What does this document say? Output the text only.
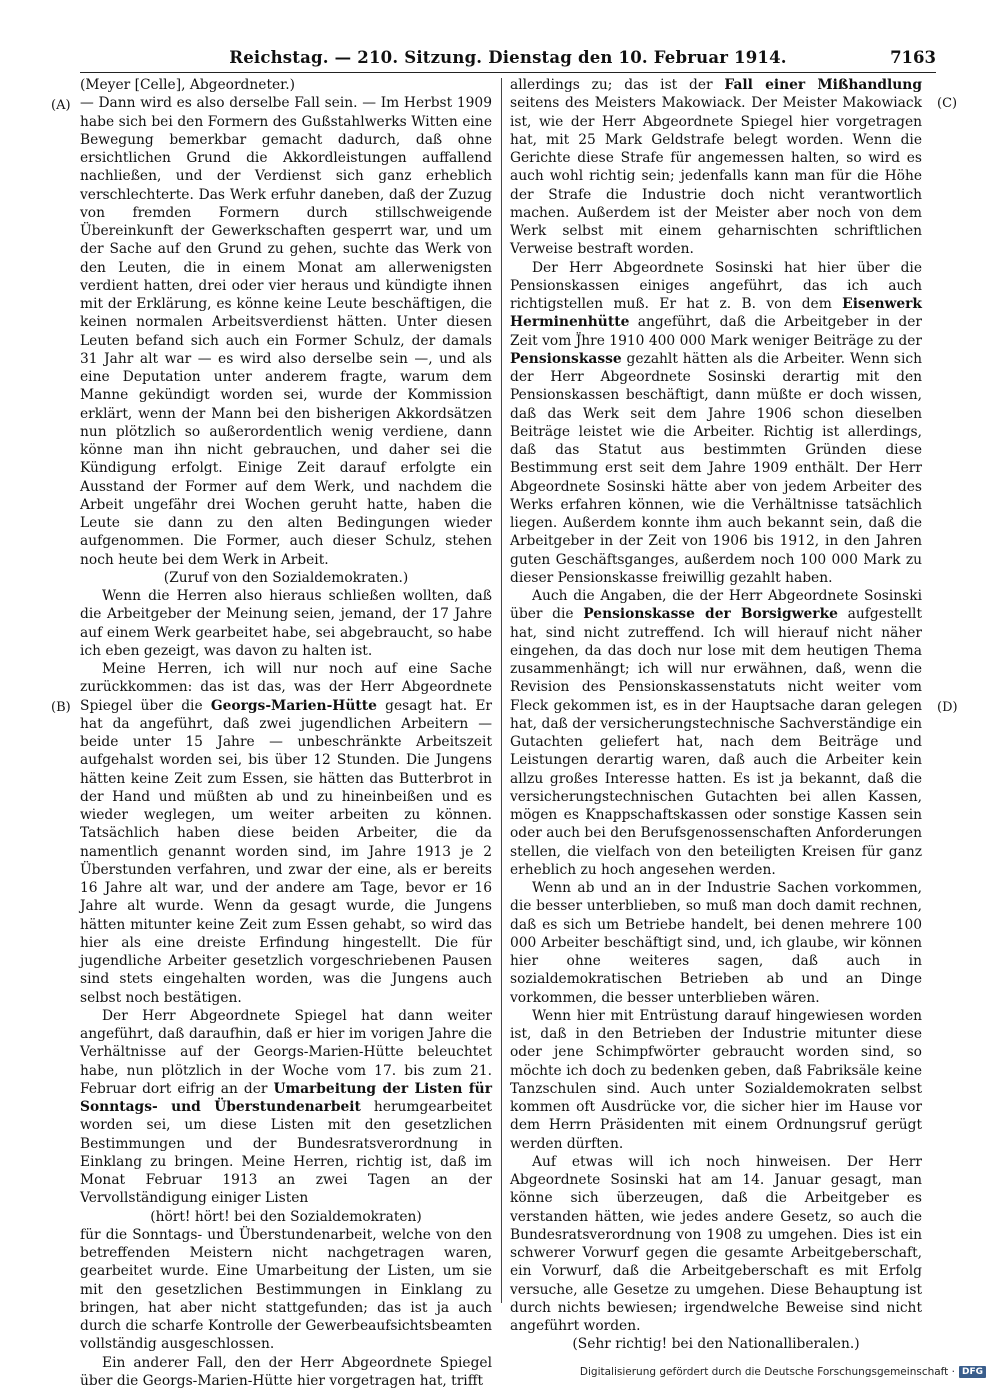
Reichstag. — 210. Sitzung. Dienstag den 10. Februar 1914.	7163
(A)
(B)
(C)
(D)

(Meyer [Celle], Abgeordneter.)

— Dann wird es also derselbe Fall sein. — Im Herbst 1909 habe sich bei den Formern des Gußstahlwerks Witten eine Bewegung bemerkbar gemacht dadurch, daß ohne ersichtlichen Grund die Akkordleistungen auffallend nachließen, und der Verdienst sich ganz erheblich verschlechterte. Das Werk erfuhr daneben, daß der Zuzug von fremden Formern durch stillschweigende Übereinkunft der Gewerkschaften gesperrt war, und um der Sache auf den Grund zu gehen, suchte das Werk von den Leuten, die in einem Monat am allerwenigsten verdient hatten, drei oder vier heraus und kündigte ihnen mit der Erklärung, es könne keine Leute beschäftigen, die keinen normalen Arbeitsverdienst hätten. Unter diesen Leuten befand sich auch ein Former Schulz, der damals 31 Jahr alt war — es wird also derselbe sein —, und als eine Deputation unter anderem fragte, warum dem Manne gekündigt worden sei, wurde der Kommission erklärt, wenn der Mann bei den bisherigen Akkordsätzen nun plötzlich so außerordentlich wenig verdiene, dann könne man ihn nicht gebrauchen, und daher sei die Kündigung erfolgt. Einige Zeit darauf erfolgte ein Ausstand der Former auf dem Werk, und nachdem die Arbeit ungefähr drei Wochen geruht hatte, haben die Leute sie dann zu den alten Bedingungen wieder aufgenommen. Die Former, auch dieser Schulz, stehen noch heute bei dem Werk in Arbeit.

(Zuruf von den Sozialdemokraten.)

Wenn die Herren also hieraus schließen wollten, daß die Arbeitgeber der Meinung seien, jemand, der 17 Jahre auf einem Werk gearbeitet habe, sei abgebraucht, so habe ich eben gezeigt, was davon zu halten ist.

Meine Herren, ich will nur noch auf eine Sache zurückkommen: das ist das, was der Herr Abgeordnete Spiegel über die Georgs-Marien-Hütte gesagt hat. Er hat da angeführt, daß zwei jugendlichen Arbeitern — beide unter 15 Jahre — unbeschränkte Arbeitszeit aufgehalst worden sei, bis über 12 Stunden. Die Jungens hätten keine Zeit zum Essen, sie hätten das Butterbrot in der Hand und müßten ab und zu hineinbeißen und es wieder weglegen, um weiter arbeiten zu können. Tatsächlich haben diese beiden Arbeiter, die da namentlich genannt worden sind, im Jahre 1913 je 2 Überstunden verfahren, und zwar der eine, als er bereits 16 Jahre alt war, und der andere am Tage, bevor er 16 Jahre alt wurde. Wenn da gesagt wurde, die Jungens hätten mitunter keine Zeit zum Essen gehabt, so wird das hier als eine dreiste Erfindung hingestellt. Die für jugendliche Arbeiter gesetzlich vorgeschriebenen Pausen sind stets eingehalten worden, was die Jungens auch selbst noch bestätigen.

Der Herr Abgeordnete Spiegel hat dann weiter angeführt, daß daraufhin, daß er hier im vorigen Jahre die Verhältnisse auf der Georgs-Marien-Hütte beleuchtet habe, nun plötzlich in der Woche vom 17. bis zum 21. Februar dort eifrig an der Umarbeitung der Listen für Sonntags- und Überstundenarbeit herumgearbeitet worden sei, um diese Listen mit den gesetzlichen Bestimmungen und der Bundesratsverordnung in Einklang zu bringen. Meine Herren, richtig ist, daß im Monat Februar 1913 an zwei Tagen an der Vervollständigung einiger Listen

(hört! hört! bei den Sozialdemokraten)

für die Sonntags- und Überstundenarbeit, welche von den betreffenden Meistern nicht nachgetragen waren, gearbeitet wurde. Eine Umarbeitung der Listen, um sie mit den gesetzlichen Bestimmungen in Einklang zu bringen, hat aber nicht stattgefunden; das ist ja auch durch die scharfe Kontrolle der Gewerbeaufsichtsbeamten vollständig ausgeschlossen.

Ein anderer Fall, den der Herr Abgeordnete Spiegel über die Georgs-Marien-Hütte hier vorgetragen hat, trifft

allerdings zu; das ist der Fall einer Mißhandlung seitens des Meisters Makowiack. Der Meister Makowiack ist, wie der Herr Abgeordnete Spiegel hier vorgetragen hat, mit 25 Mark Geldstrafe belegt worden. Wenn die Gerichte diese Strafe für angemessen halten, so wird es auch wohl richtig sein; jedenfalls kann man für die Höhe der Strafe die Industrie doch nicht verantwortlich machen. Außerdem ist der Meister aber noch von dem Werk selbst mit einem geharnischten schriftlichen Verweise bestraft worden.

Der Herr Abgeordnete Sosinski hat hier über die Pensionskassen einiges angeführt, das ich auch richtigstellen muß. Er hat z. B. von dem Eisenwerk Herminenhütte angeführt, daß die Arbeitgeber in der Zeit vom J̈hre 1910 400 000 Mark weniger Beiträge zu der Pensionskasse gezahlt hätten als die Arbeiter. Wenn sich der Herr Abgeordnete Sosinski derartig mit den Pensionskassen beschäftigt, dann müßte er doch wissen, daß das Werk seit dem Jahre 1906 schon dieselben Beiträge leistet wie die Arbeiter. Richtig ist allerdings, daß das Statut aus bestimmten Gründen diese Bestimmung erst seit dem Jahre 1909 enthält. Der Herr Abgeordnete Sosinski hätte aber von jedem Arbeiter des Werks erfahren können, wie die Verhältnisse tatsächlich liegen. Außerdem konnte ihm auch bekannt sein, daß die Arbeitgeber in der Zeit von 1906 bis 1912, in den Jahren guten Geschäftsganges, außerdem noch 100 000 Mark zu dieser Pensionskasse freiwillig gezahlt haben.

Auch die Angaben, die der Herr Abgeordnete Sosinski über die Pensionskasse der Borsigwerke aufgestellt hat, sind nicht zutreffend. Ich will hierauf nicht näher eingehen, da das doch nur lose mit dem heutigen Thema zusammenhängt; ich will nur erwähnen, daß, wenn die Revision des Pensionskassenstatuts nicht weiter vom Fleck gekommen ist, es in der Hauptsache daran gelegen hat, daß der versicherungstechnische Sachverständige ein Gutachten geliefert hat, nach dem Beiträge und Leistungen derartig waren, daß auch die Arbeiter kein allzu großes Interesse hatten. Es ist ja bekannt, daß die versicherungstechnischen Gutachten bei allen Kassen, mögen es Knappschaftskassen oder sonstige Kassen sein oder auch bei den Berufsgenossenschaften Anforderungen stellen, die vielfach von den beteiligten Kreisen für ganz erheblich zu hoch angesehen werden.

Wenn ab und an in der Industrie Sachen vorkommen, die besser unterblieben, so muß man doch damit rechnen, daß es sich um Betriebe handelt, bei denen mehrere 100 000 Arbeiter beschäftigt sind, und, ich glaube, wir können hier ohne weiteres sagen, daß auch in sozialdemokratischen Betrieben ab und an Dinge vorkommen, die besser unterblieben wären.

Wenn hier mit Entrüstung darauf hingewiesen worden ist, daß in den Betrieben der Industrie mitunter diese oder jene Schimpfwörter gebraucht worden sind, so möchte ich doch zu bedenken geben, daß Fabriksäle keine Tanzschulen sind. Auch unter Sozialdemokraten selbst kommen oft Ausdrücke vor, die sicher hier im Hause vor dem Herrn Präsidenten mit einem Ordnungsruf gerügt werden dürften.

Auf etwas will ich noch hinweisen. Der Herr Abgeordnete Sosinski hat am 14. Januar gesagt, man könne sich überzeugen, daß die Arbeitgeber es verstanden hätten, wie jedes andere Gesetz, so auch die Bundesratsverordnung von 1908 zu umgehen. Dies ist ein schwerer Vorwurf gegen die gesamte Arbeitgeberschaft, ein Vorwurf, daß die Arbeitgeberschaft es mit Erfolg versuche, alle Gesetze zu umgehen. Diese Behauptung ist durch nichts bewiesen; irgendwelche Beweise sind nicht angeführt worden.

(Sehr richtig! bei den Nationalliberalen.)

Digitalisierung gefördert durch die Deutsche Forschungsgemeinschaft · DFG
